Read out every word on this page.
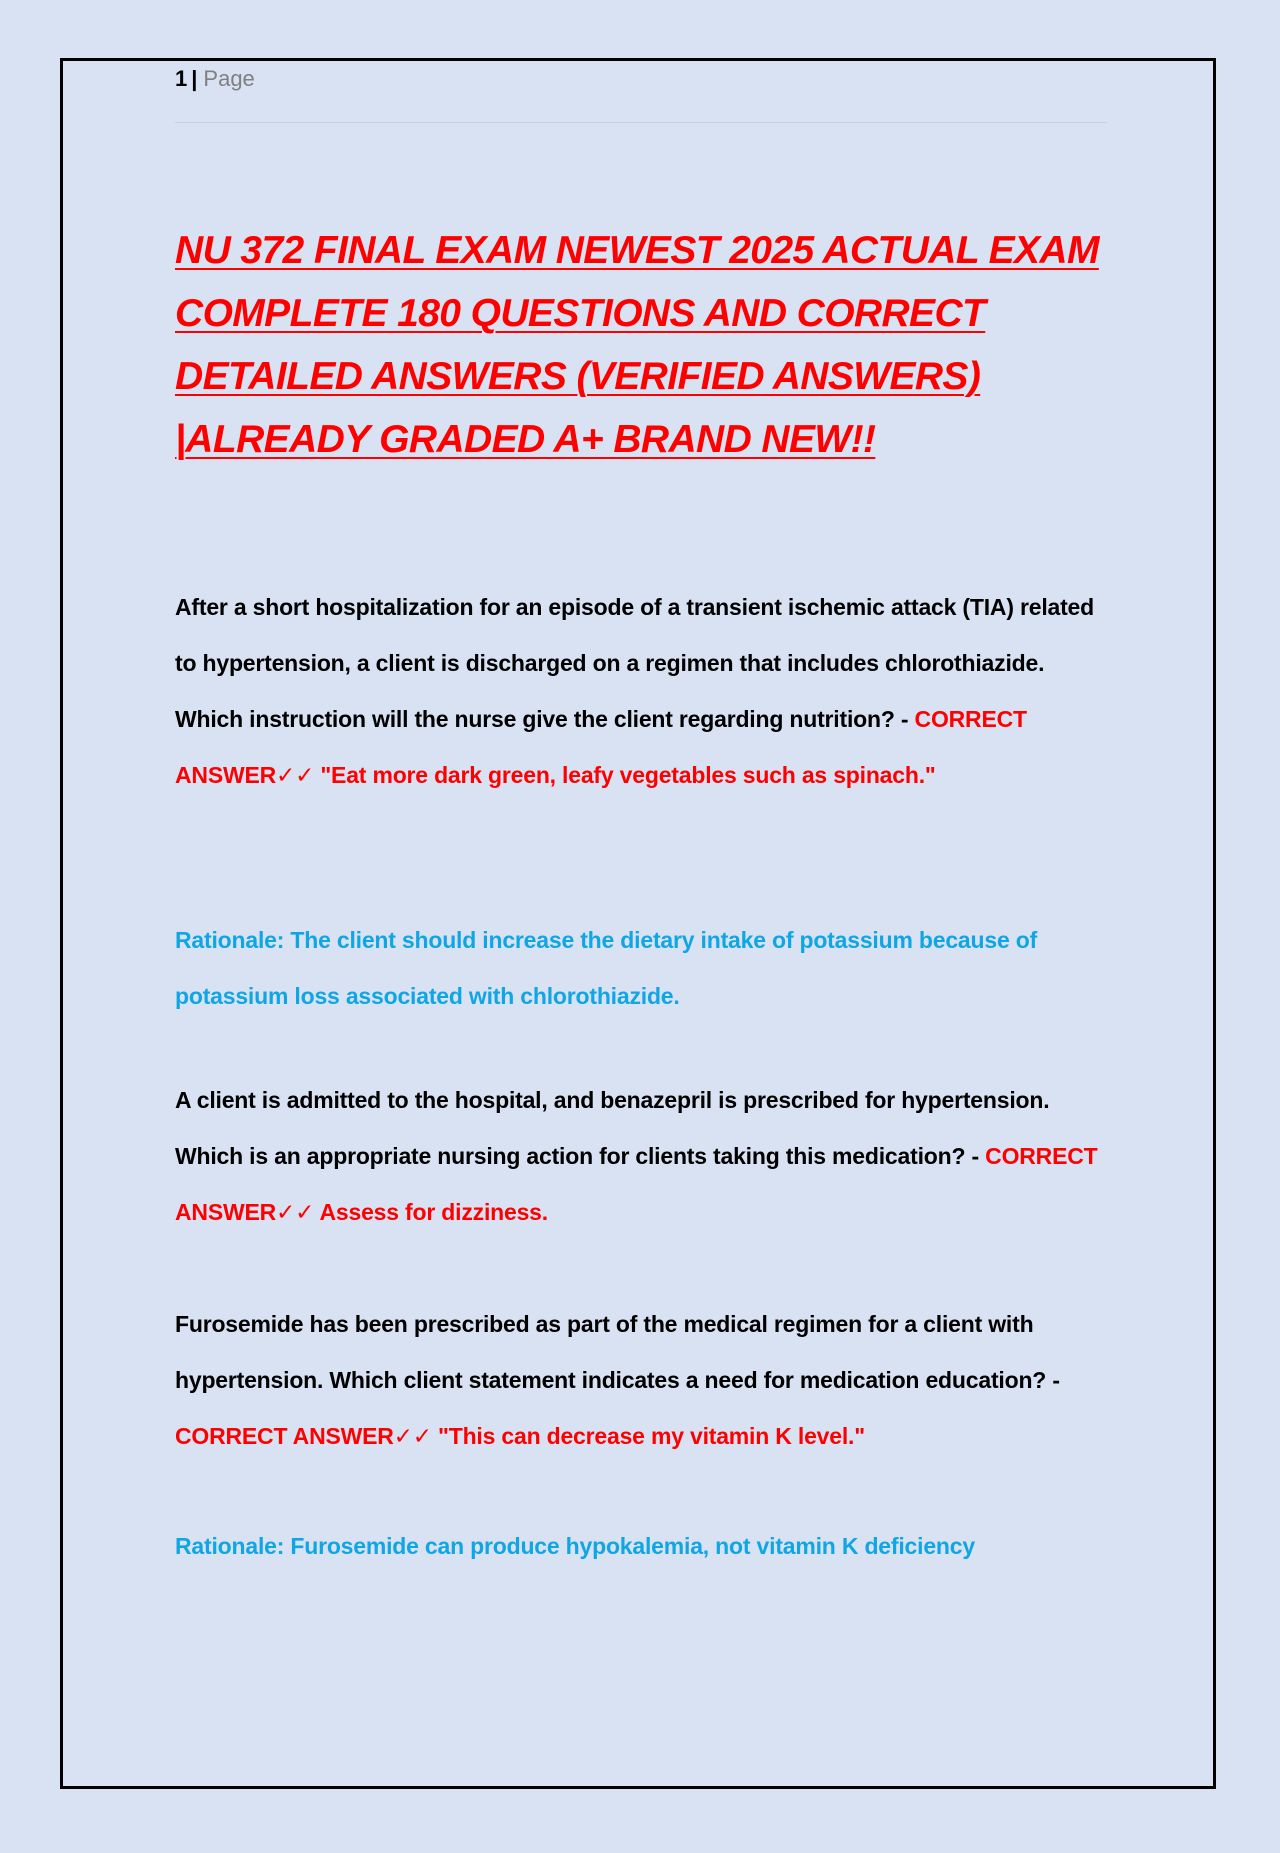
1 | Page
NU 372 FINAL EXAM NEWEST 2025 ACTUAL EXAM COMPLETE 180 QUESTIONS AND CORRECT DETAILED ANSWERS (VERIFIED ANSWERS) |ALREADY GRADED A+ BRAND NEW!!

After a short hospitalization for an episode of a transient ischemic attack (TIA) related to hypertension, a client is discharged on a regimen that includes chlorothiazide. Which instruction will the nurse give the client regarding nutrition? - CORRECT ANSWER✓✓ "Eat more dark green, leafy vegetables such as spinach."

Rationale: The client should increase the dietary intake of potassium because of potassium loss associated with chlorothiazide.

A client is admitted to the hospital, and benazepril is prescribed for hypertension. Which is an appropriate nursing action for clients taking this medication? - CORRECT ANSWER✓✓ Assess for dizziness.

Furosemide has been prescribed as part of the medical regimen for a client with hypertension. Which client statement indicates a need for medication education? - CORRECT ANSWER✓✓ "This can decrease my vitamin K level."

Rationale: Furosemide can produce hypokalemia, not vitamin K deficiency
